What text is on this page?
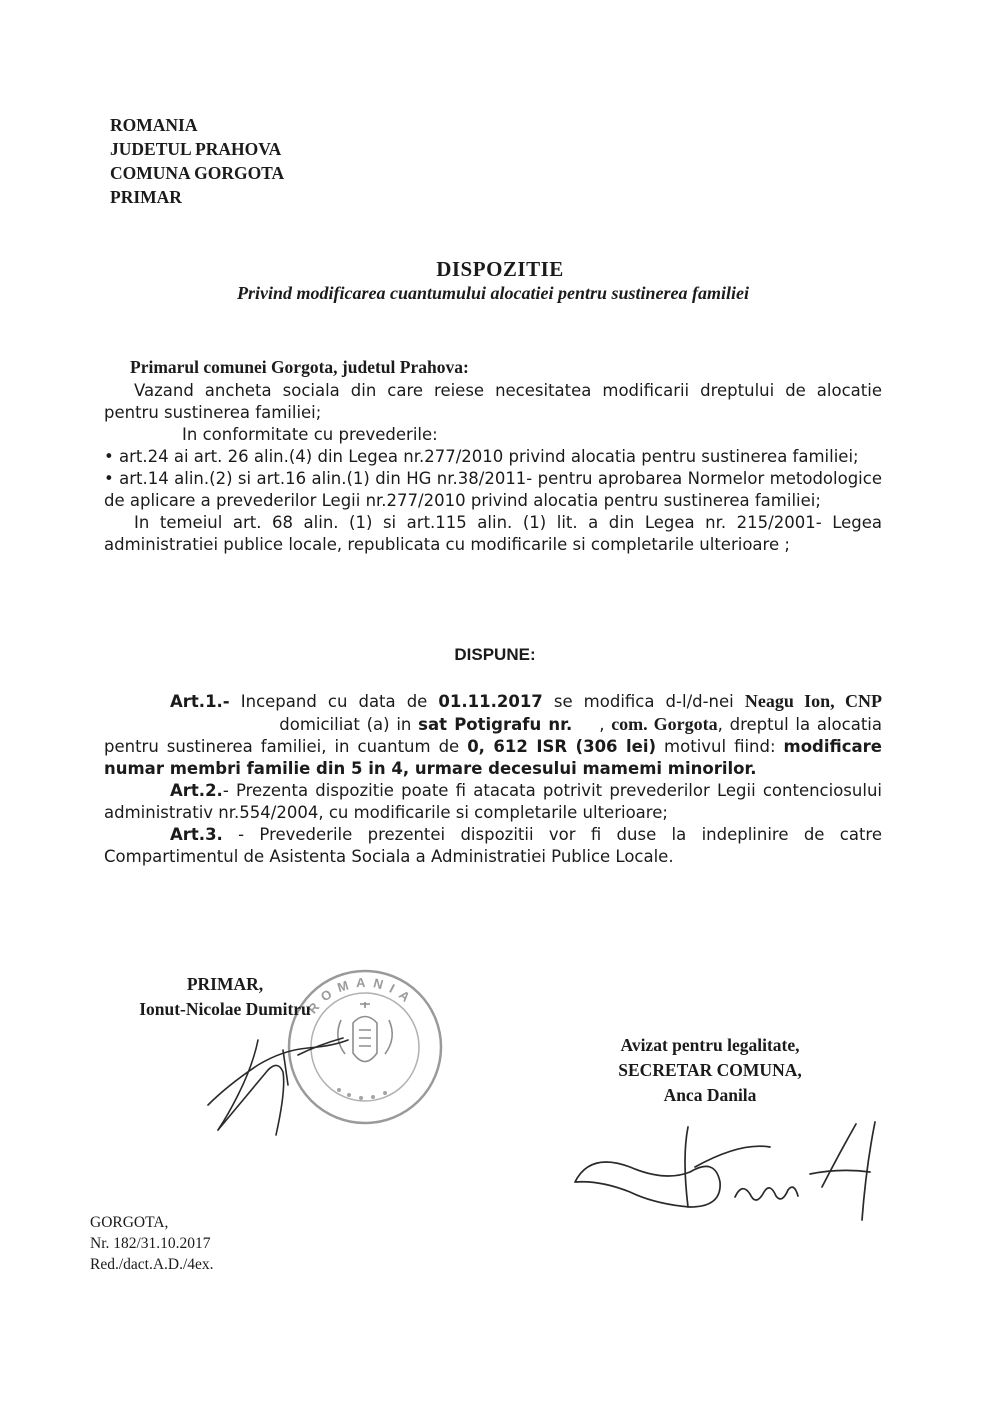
ROMANIA
JUDETUL PRAHOVA
COMUNA GORGOTA
PRIMAR
DISPOZITIE
Privind modificarea cuantumului alocatiei pentru sustinerea familiei
Primarul comunei Gorgota, judetul Prahova:

Vazand ancheta sociala din care reiese necesitatea modificarii dreptului de alocatie pentru sustinerea familiei;

In conformitate cu prevederile:

• art.24 ai art. 26 alin.(4) din Legea nr.277/2010 privind alocatia pentru sustinerea familiei;

• art.14 alin.(2) si art.16 alin.(1) din HG nr.38/2011- pentru aprobarea Normelor metodologice de aplicare a prevederilor Legii nr.277/2010 privind alocatia pentru sustinerea familiei;

In temeiul art. 68 alin. (1) si art.115 alin. (1) lit. a din Legea nr. 215/2001- Legea administratiei publice locale, republicata cu modificarile si completarile ulterioare ;

DISPUNE:

Art.1.- Incepand cu data de 01.11.2017 se modifica d-l/d-nei Neagu Ion, CNP                          domiciliat (a) in sat Potigrafu nr.    , com. Gorgota, dreptul la alocatia pentru sustinerea familiei, in cuantum de 0, 612 ISR (306 lei) motivul fiind: modificare numar membri familie din 5 in 4, urmare decesului mamemi minorilor.

Art.2.- Prezenta dispozitie poate fi atacata potrivit prevederilor Legii contenciosului administrativ nr.554/2004, cu modificarile si completarile ulterioare;

Art.3. - Prevederile prezentei dispozitii vor fi duse la indeplinire de catre Compartimentul de Asistenta Sociala a Administratiei Publice Locale.

ROMANIA
PRIMAR,
Ionut-Nicolae Dumitru
Avizat pentru legalitate,
SECRETAR COMUNA,
Anca Danila
GORGOTA,
Nr. 182/31.10.2017
Red./dact.A.D./4ex.
